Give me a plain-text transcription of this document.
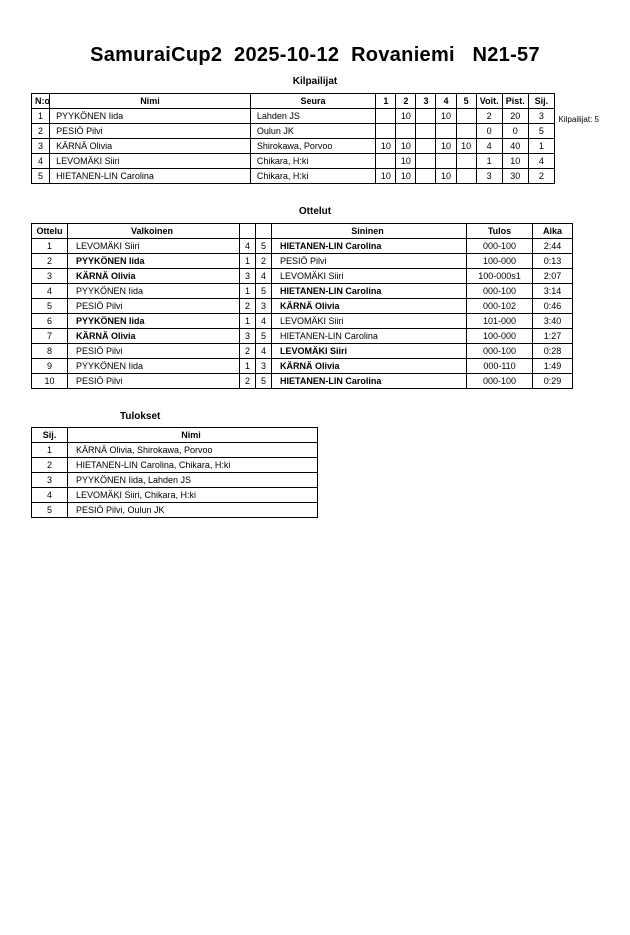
SamuraiCup2  2025-10-12  Rovaniemi   N21-57
Kilpailijat
Kilpailijat: 5
N:o	Nimi	Seura	1	2	3	4	5	Voit.	Pist.	Sij.
1	PYYKÖNEN Iida	Lahden JS		10		10		2	20	3
2	PESIÖ Pilvi	Oulun JK						0	0	5
3	KÄRNÄ Olivia	Shirokawa, Porvoo	10	10		10	10	4	40	1
4	LEVOMÄKI Siiri	Chikara, H:ki		10				1	10	4
5	HIETANEN-LIN Carolina	Chikara, H:ki	10	10		10		3	30	2
Ottelut
Ottelu	Valkoinen			Sininen	Tulos	Aika
1	LEVOMÄKI Siiri	4	5	HIETANEN-LIN Carolina	000-100	2:44
2	PYYKÖNEN Iida	1	2	PESIÖ Pilvi	100-000	0:13
3	KÄRNÄ Olivia	3	4	LEVOMÄKI Siiri	100-000s1	2:07
4	PYYKÖNEN Iida	1	5	HIETANEN-LIN Carolina	000-100	3:14
5	PESIÖ Pilvi	2	3	KÄRNÄ Olivia	000-102	0:46
6	PYYKÖNEN Iida	1	4	LEVOMÄKI Siiri	101-000	3:40
7	KÄRNÄ Olivia	3	5	HIETANEN-LIN Carolina	100-000	1:27
8	PESIÖ Pilvi	2	4	LEVOMÄKI Siiri	000-100	0:28
9	PYYKÖNEN Iida	1	3	KÄRNÄ Olivia	000-110	1:49
10	PESIÖ Pilvi	2	5	HIETANEN-LIN Carolina	000-100	0:29
Tulokset
Sij.	Nimi
1	KÄRNÄ Olivia, Shirokawa, Porvoo
2	HIETANEN-LIN Carolina, Chikara, H:ki
3	PYYKÖNEN Iida, Lahden JS
4	LEVOMÄKI Siiri, Chikara, H:ki
5	PESIÖ Pilvi, Oulun JK
